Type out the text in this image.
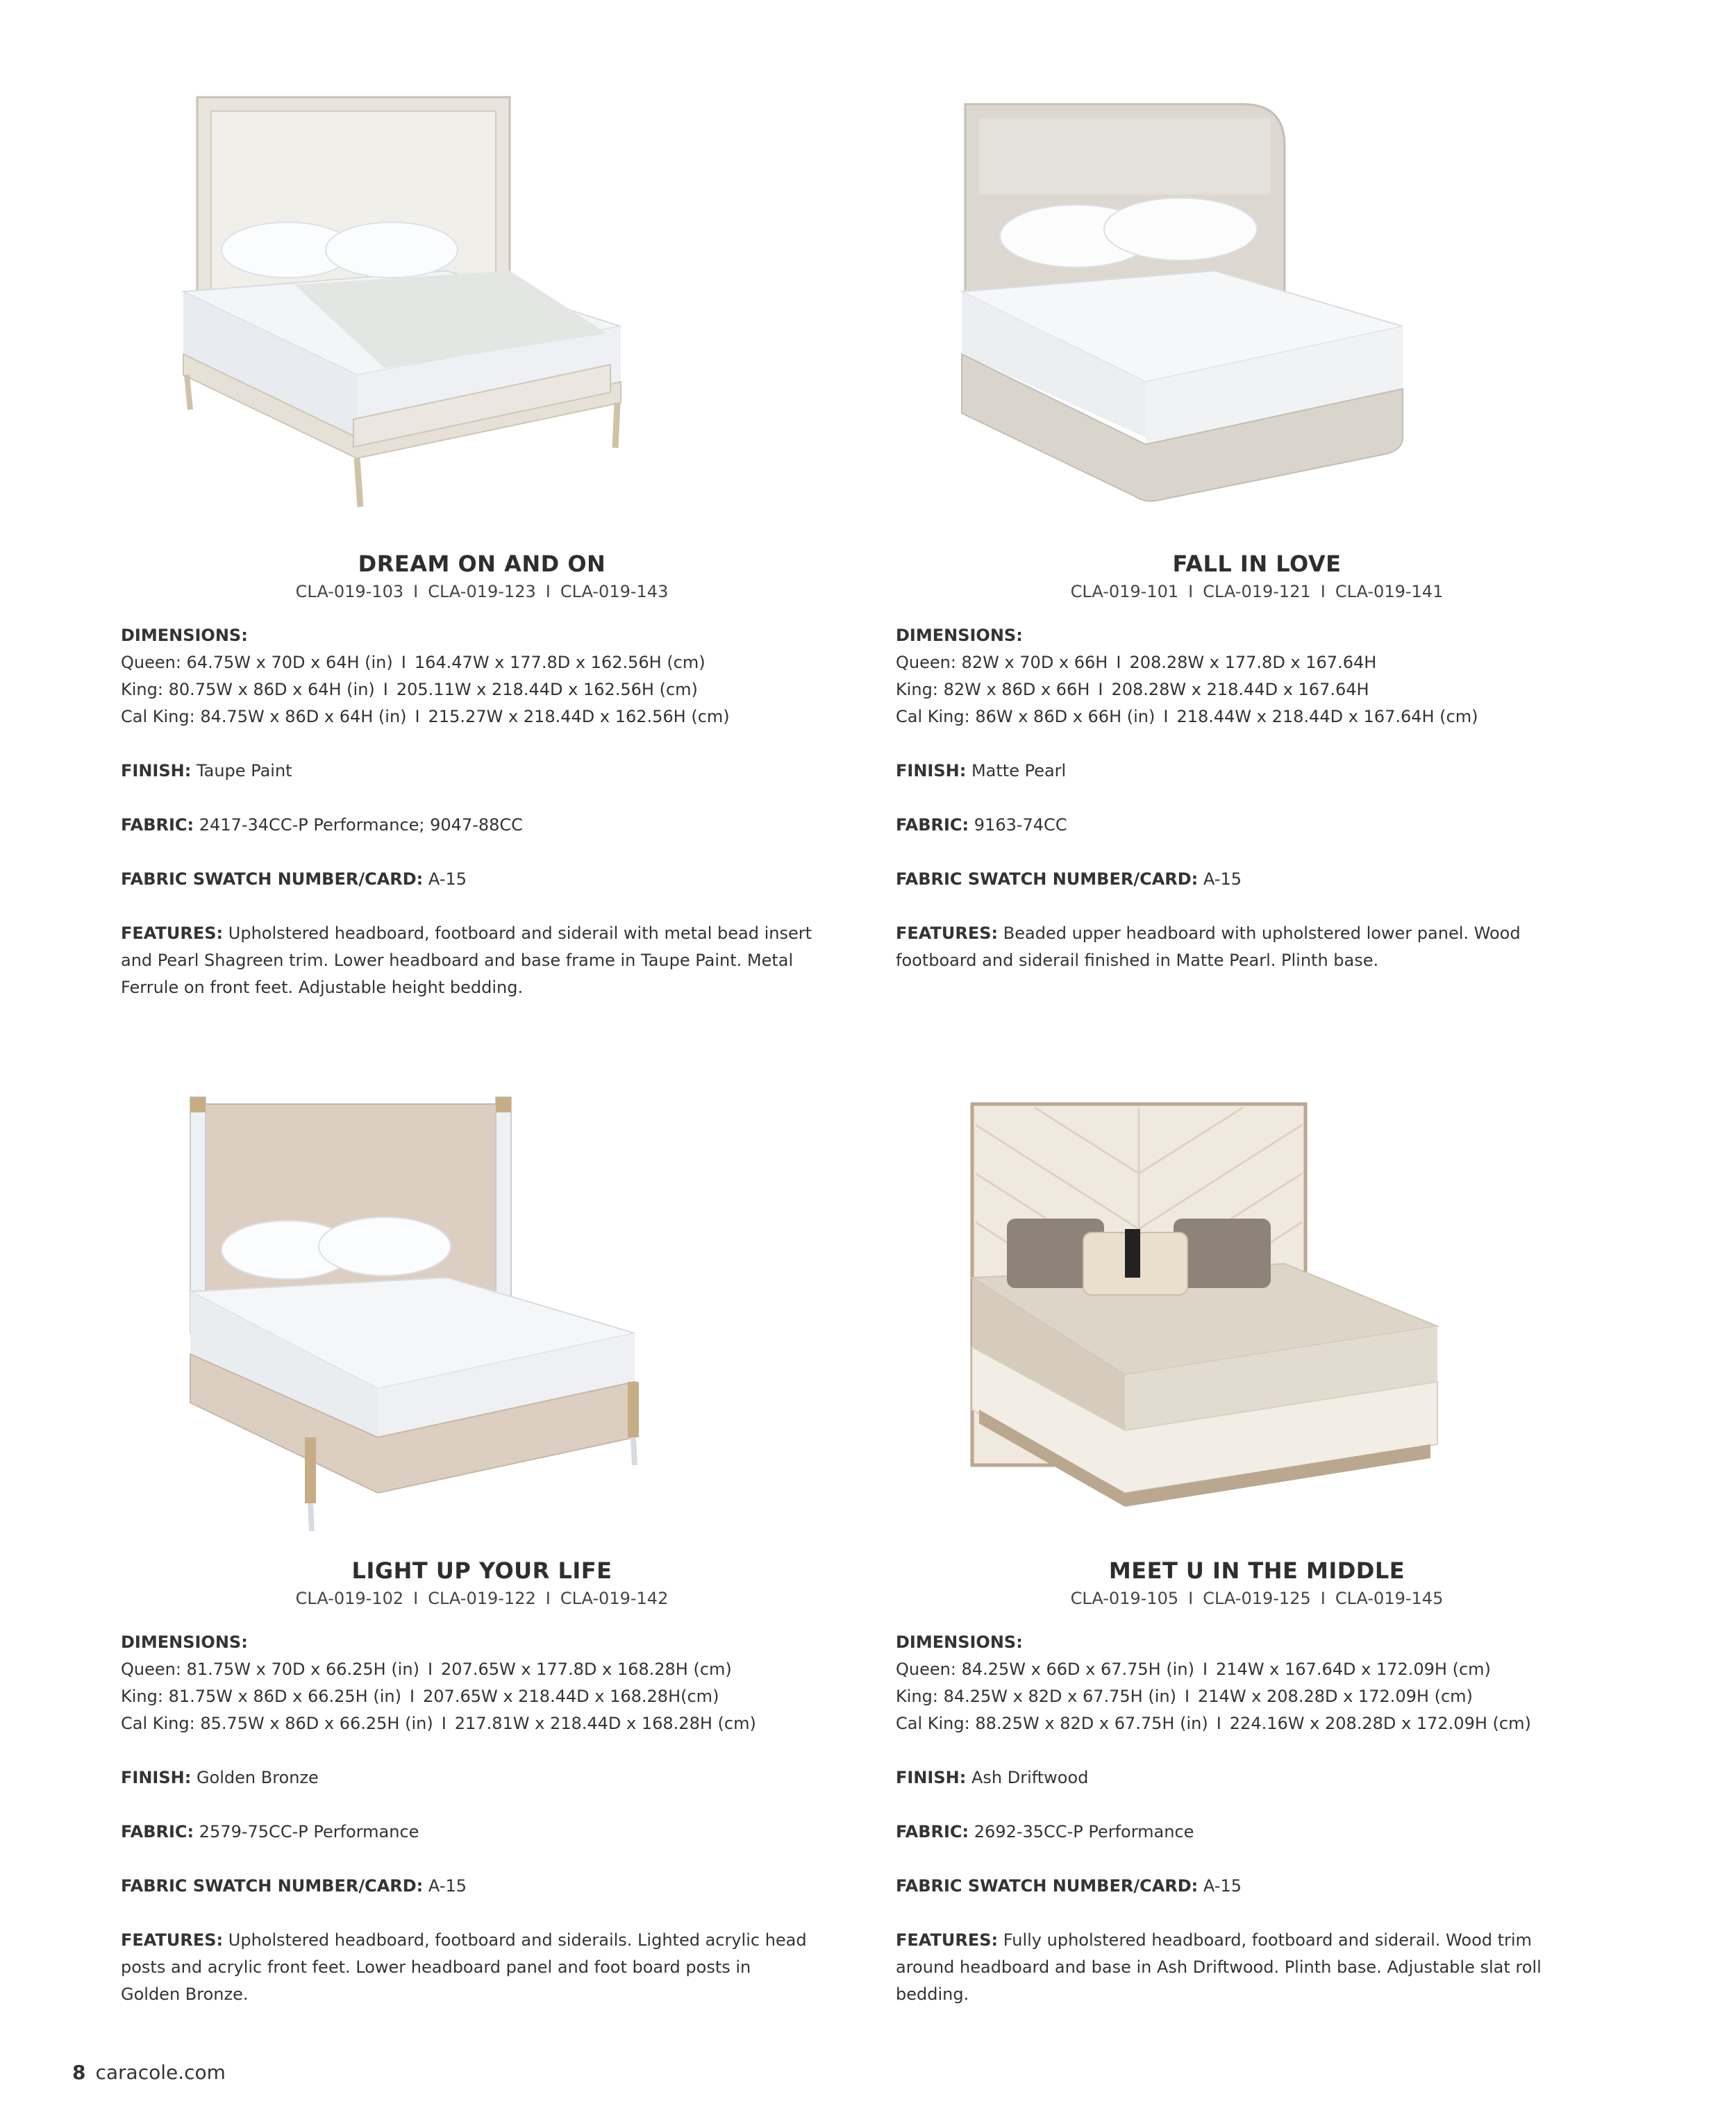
DREAM ON AND ON
CLA-019-103 I CLA-019-123 I CLA-019-143
DIMENSIONS:
Queen: 64.75W x 70D x 64H (in) I 164.47W x 177.8D x 162.56H (cm)
King: 80.75W x 86D x 64H (in) I 205.11W x 218.44D x 162.56H (cm)
Cal King: 84.75W x 86D x 64H (in) I 215.27W x 218.44D x 162.56H (cm)
FINISH: Taupe Paint
FABRIC: 2417-34CC-P Performance; 9047-88CC
FABRIC SWATCH NUMBER/CARD: A-15
FEATURES: Upholstered headboard, footboard and siderail with metal bead insert and Pearl Shagreen trim. Lower headboard and base frame in Taupe Paint. Metal Ferrule on front feet. Adjustable height bedding.
FALL IN LOVE
CLA-019-101 I CLA-019-121 I CLA-019-141
DIMENSIONS:
Queen: 82W x 70D x 66H I 208.28W x 177.8D x 167.64H
King: 82W x 86D x 66H I 208.28W x 218.44D x 167.64H
Cal King: 86W x 86D x 66H (in) I 218.44W x 218.44D x 167.64H (cm)
FINISH: Matte Pearl
FABRIC: 9163-74CC
FABRIC SWATCH NUMBER/CARD: A-15
FEATURES: Beaded upper headboard with upholstered lower panel. Wood footboard and siderail finished in Matte Pearl. Plinth base.
LIGHT UP YOUR LIFE
CLA-019-102 I CLA-019-122 I CLA-019-142
DIMENSIONS:
Queen: 81.75W x 70D x 66.25H (in) I 207.65W x 177.8D x 168.28H (cm)
King: 81.75W x 86D x 66.25H (in) I 207.65W x 218.44D x 168.28H(cm)
Cal King: 85.75W x 86D x 66.25H (in) I 217.81W x 218.44D x 168.28H (cm)
FINISH: Golden Bronze
FABRIC: 2579-75CC-P Performance
FABRIC SWATCH NUMBER/CARD: A-15
FEATURES: Upholstered headboard, footboard and siderails. Lighted acrylic head posts and acrylic front feet. Lower headboard panel and foot board posts in Golden Bronze.
MEET U IN THE MIDDLE
CLA-019-105 I CLA-019-125 I CLA-019-145
DIMENSIONS:
Queen: 84.25W x 66D x 67.75H (in) I 214W x 167.64D x 172.09H (cm)
King: 84.25W x 82D x 67.75H (in) I 214W x 208.28D x 172.09H (cm)
Cal King: 88.25W x 82D x 67.75H (in) I 224.16W x 208.28D x 172.09H (cm)
FINISH: Ash Driftwood
FABRIC: 2692-35CC-P Performance
FABRIC SWATCH NUMBER/CARD: A-15
FEATURES: Fully upholstered headboard, footboard and siderail. Wood trim around headboard and base in Ash Driftwood. Plinth base. Adjustable slat roll bedding.
8 caracole.com
